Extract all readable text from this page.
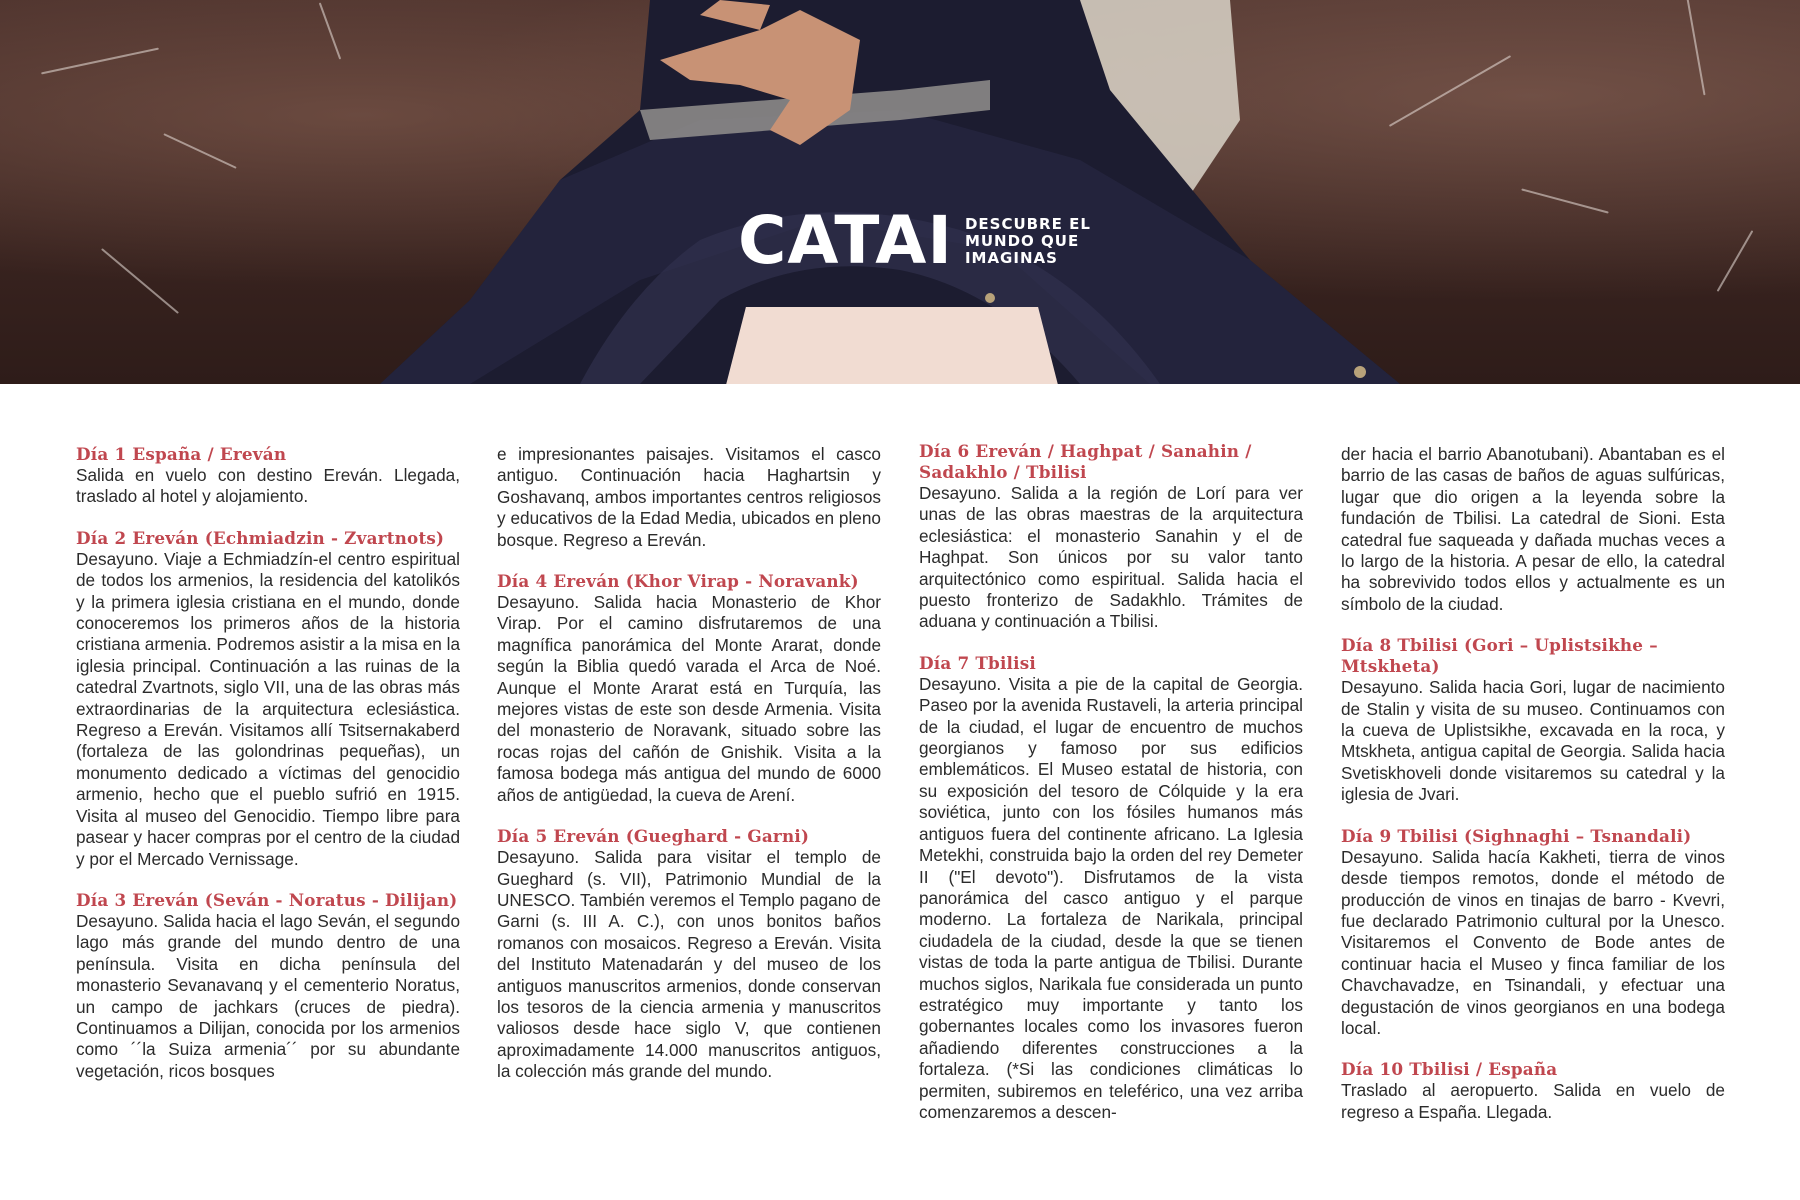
CATAI DESCUBRE EL
MUNDO QUE
IMAGINAS
Día 1 España / Ereván
Salida en vuelo con destino Ereván. Llegada, traslado al hotel y alojamiento.
Día 2 Ereván (Echmiadzin - Zvartnots)
Desayuno. Viaje a Echmiadzín-el centro espiritual de todos los armenios, la residencia del katolikós y la primera iglesia cristiana en el mundo, donde conoceremos los primeros años de la historia cristiana armenia. Podremos asistir a la misa en la iglesia principal. Continuación a las ruinas de la catedral Zvartnots, siglo VII, una de las obras más extraordinarias de la arquitectura eclesiástica. Regreso a Ereván. Visitamos allí Tsitsernakaberd (fortaleza de las golondrinas pequeñas), un monumento dedicado a víctimas del genocidio armenio, hecho que el pueblo sufrió en 1915. Visita al museo del Genocidio. Tiempo libre para pasear y hacer compras por el centro de la ciudad y por el Mercado Vernissage.
Día 3 Ereván (Seván - Noratus - Dilijan)
Desayuno. Salida hacia el lago Seván, el segundo lago más grande del mundo dentro de una península. Visita en dicha península del monasterio Sevanavanq y el cementerio Noratus, un campo de jachkars (cruces de piedra). Continuamos a Dilijan, conocida por los armenios como ´´la Suiza armenia´´ por su abundante vegetación, ricos bosques
e impresionantes paisajes. Visitamos el casco antiguo. Continuación hacia Haghartsin y Goshavanq, ambos importantes centros religiosos y educativos de la Edad Media, ubicados en pleno bosque. Regreso a Ereván.
Día 4 Ereván (Khor Virap - Noravank)
Desayuno. Salida hacia Monasterio de Khor Virap. Por el camino disfrutaremos de una magnífica panorámica del Monte Ararat, donde según la Biblia quedó varada el Arca de Noé. Aunque el Monte Ararat está en Turquía, las mejores vistas de este son desde Armenia. Visita del monasterio de Noravank, situado sobre las rocas rojas del cañón de Gnishik. Visita a la famosa bodega más antigua del mundo de 6000 años de antigüedad, la cueva de Arení.
Día 5 Ereván (Gueghard - Garni)
Desayuno. Salida para visitar el templo de Gueghard (s. VII), Patrimonio Mundial de la UNESCO. También veremos el Templo pagano de Garni (s. III A. C.), con unos bonitos baños romanos con mosaicos. Regreso a Ereván. Visita del Instituto Matenadarán y del museo de los antiguos manuscritos armenios, donde conservan los tesoros de la ciencia armenia y manuscritos valiosos desde hace siglo V, que contienen aproximadamente 14.000 manuscritos antiguos, la colección más grande del mundo.
Día 6 Ereván / Haghpat / Sanahin / Sadakhlo / Tbilisi
Desayuno. Salida a la región de Lorí para ver unas de las obras maestras de la arquitectura eclesiástica: el monasterio Sanahin y el de Haghpat. Son únicos por su valor tanto arquitectónico como espiritual. Salida hacia el puesto fronterizo de Sadakhlo. Trámites de aduana y continuación a Tbilisi.
Día 7 Tbilisi
Desayuno. Visita a pie de la capital de Georgia. Paseo por la avenida Rustaveli, la arteria principal de la ciudad, el lugar de encuentro de muchos georgianos y famoso por sus edificios emblemáticos. El Museo estatal de historia, con su exposición del tesoro de Cólquide y la era soviética, junto con los fósiles humanos más antiguos fuera del continente africano. La Iglesia Metekhi, construida bajo la orden del rey Demeter II ("El devoto"). Disfrutamos de la vista panorámica del casco antiguo y el parque moderno. La fortaleza de Narikala, principal ciudadela de la ciudad, desde la que se tienen vistas de toda la parte antigua de Tbilisi. Durante muchos siglos, Narikala fue considerada un punto estratégico muy importante y tanto los gobernantes locales como los invasores fueron añadiendo diferentes construcciones a la fortaleza. (*Si las condiciones climáticas lo permiten, subiremos en teleférico, una vez arriba comenzaremos a descen-
der hacia el barrio Abanotubani). Abantaban es el barrio de las casas de baños de aguas sulfúricas, lugar que dio origen a la leyenda sobre la fundación de Tbilisi. La catedral de Sioni. Esta catedral fue saqueada y dañada muchas veces a lo largo de la historia. A pesar de ello, la catedral ha sobrevivido todos ellos y actualmente es un símbolo de la ciudad.
Día 8 Tbilisi (Gori – Uplistsikhe – Mtskheta)
Desayuno. Salida hacia Gori, lugar de nacimiento de Stalin y visita de su museo. Continuamos con la cueva de Uplistsikhe, excavada en la roca, y Mtskheta, antigua capital de Georgia. Salida hacia Svetiskhoveli donde visitaremos su catedral y la iglesia de Jvari.
Día 9 Tbilisi (Sighnaghi – Tsnandali)
Desayuno. Salida hacía Kakheti, tierra de vinos desde tiempos remotos, donde el método de producción de vinos en tinajas de barro - Kvevri, fue declarado Patrimonio cultural por la Unesco. Visitaremos el Convento de Bode antes de continuar hacia el Museo y finca familiar de los Chavchavadze, en Tsinandali, y efectuar una degustación de vinos georgianos en una bodega local.
Día 10 Tbilisi / España
Traslado al aeropuerto. Salida en vuelo de regreso a España. Llegada.
